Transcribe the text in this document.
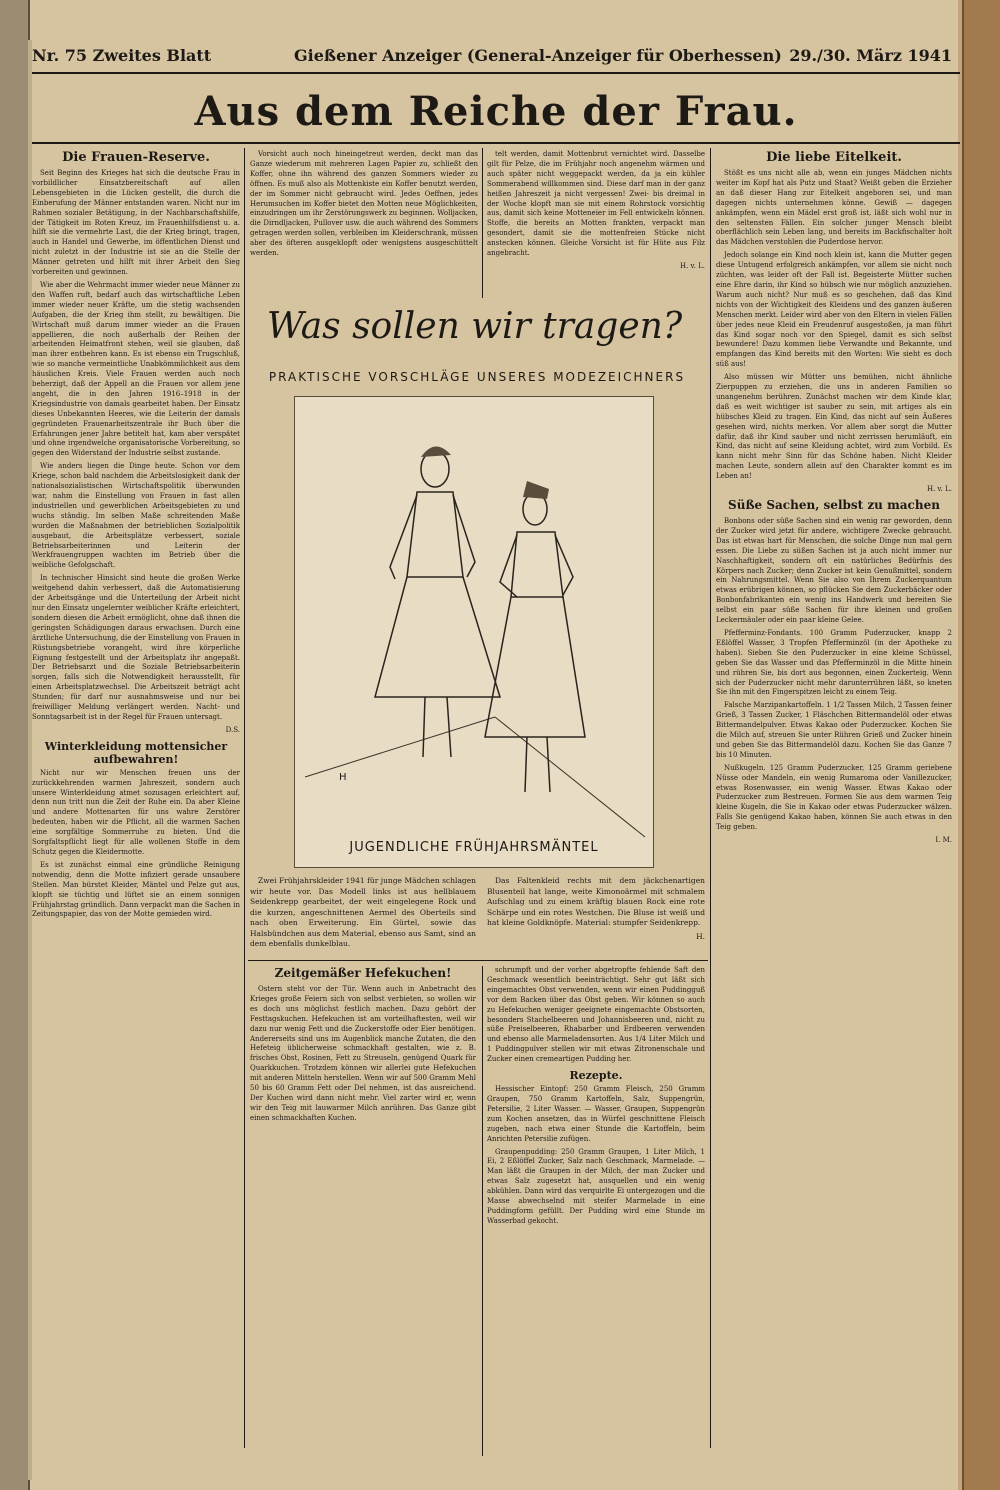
Nr. 75 Zweites Blatt	Gießener Anzeiger (General-Anzeiger für Oberhessen) 29./30. März 1941
Aus dem Reiche der Frau.
Die Frauen-Reserve.

Seit Beginn des Krieges hat sich die deutsche Frau in vorbildlicher Einsatzbereitschaft auf allen Lebensgebieten in die Lücken gestellt, die durch die Einberufung der Männer entstanden waren. Nicht nur im Rahmen sozialer Betätigung, in der Nachbarschaftshilfe, der Tätigkeit im Roten Kreuz, im Frauenhilfsdienst u. a. hilft sie die vermehrte Last, die der Krieg bringt, tragen, auch in Handel und Gewerbe, im öffentlichen Dienst und nicht zuletzt in der Industrie ist sie an die Stelle der Männer getreten und hilft mit ihrer Arbeit den Sieg vorbereiten und gewinnen.

Wie aber die Wehrmacht immer wieder neue Männer zu den Waffen ruft, bedarf auch das wirtschaftliche Leben immer wieder neuer Kräfte, um die stetig wachsenden Aufgaben, die der Krieg ihm stellt, zu bewältigen. Die Wirtschaft muß darum immer wieder an die Frauen appellieren, die noch außerhalb der Reihen der arbeitenden Heimatfront stehen, weil sie glauben, daß man ihrer entbehren kann. Es ist ebenso ein Trugschluß, wie so manche vermeintliche Unabkömmlichkeit aus dem häuslichen Kreis. Viele Frauen werden auch noch beherzigt, daß der Appell an die Frauen vor allem jene angeht, die in den Jahren 1916–1918 in der Kriegsindustrie von damals gearbeitet haben. Der Einsatz dieses Unbekannten Heeres, wie die Leiterin der damals gegründeten Frauenarbeitszentrale ihr Buch über die Erfahrungen jener Jahre betitelt hat, kam aber verspätet und ohne irgendwelche organisatorische Vorbereitung, so gegen den Widerstand der Industrie selbst zustande.

Wie anders liegen die Dinge heute. Schon vor dem Kriege, schon bald nachdem die Arbeitslosigkeit dank der nationalsozialistischen Wirtschaftspolitik überwunden war, nahm die Einstellung von Frauen in fast allen industriellen und gewerblichen Arbeitsgebieten zu und wuchs ständig. Im selben Maße schreitenden Maße wurden die Maßnahmen der betrieblichen Sozialpolitik ausgebaut, die Arbeitsplätze verbessert, soziale Betriebsarbeiterinnen und Leiterin der Werkfrauengruppen wachten im Betrieb über die weibliche Gefolgschaft.

In technischer Hinsicht sind heute die großen Werke weitgehend dahin verbessert, daß die Automatisierung der Arbeitsgänge und die Unterteilung der Arbeit nicht nur den Einsatz ungelernter weiblicher Kräfte erleichtert, sondern diesen die Arbeit ermöglicht, ohne daß ihnen die geringsten Schädigungen daraus erwachsen. Durch eine ärztliche Untersuchung, die der Einstellung von Frauen in Rüstungsbetriebe vorangeht, wird ihre körperliche Eignung festgestellt und der Arbeitsplatz ihr angepaßt. Der Betriebsarzt und die Soziale Betriebsarbeiterin sorgen, falls sich die Notwendigkeit herausstellt, für einen Arbeitsplatzwechsel. Die Arbeitszeit beträgt acht Stunden; für darf nur ausnahmsweise und nur bei freiwilliger Meldung verlängert werden. Nacht- und Sonntagsarbeit ist in der Regel für Frauen untersagt.

D.S.

Winterkleidung mottensicher aufbewahren!

Nicht nur wir Menschen freuen uns der zurückkehrenden warmen Jahreszeit, sondern auch unsere Winterkleidung atmet sozusagen erleichtert auf, denn nun tritt nun die Zeit der Ruhe ein. Da aber Kleine und andere Mottenarten für uns wahre Zerstörer bedeuten, haben wir die Pflicht, all die warmen Sachen eine sorgfältige Sommerruhe zu bieten. Und die Sorgfaltspflicht liegt für alle wollenen Stoffe in dem Schutz gegen die Kleidermotte.

Es ist zunächst einmal eine gründliche Reinigung notwendig, denn die Motte infiziert gerade unsaubere Stellen. Man bürstet Kleider, Mäntel und Pelze gut aus, klopft sie tüchtig und lüftet sie an einem sonnigen Frühjahrstag gründlich. Dann verpackt man die Sachen in Zeitungspapier, das von der Motte gemieden wird.

Vorsicht auch noch hineingetreut werden, deckt man das Ganze wiederum mit mehreren Lagen Papier zu, schließt den Koffer, ohne ihn während des ganzen Sommers wieder zu öffnen. Es muß also als Mottenkiste ein Koffer benutzt werden, der im Sommer nicht gebraucht wird. Jedes Oeffnen, jedes Herumsuchen im Koffer bietet den Motten neue Möglichkeiten, einzudringen um ihr Zerstörungswerk zu beginnen. Wolljacken, die Dirndljacken, Pullover usw. die auch während des Sommers getragen werden sollen, verbleiben im Kleiderschrank, müssen aber des öfteren ausgeklopft oder wenigstens ausgeschüttelt werden.

telt werden, damit Mottenbrut vernichtet wird. Dasselbe gilt für Pelze, die im Frühjahr noch angenehm wärmen und auch später nicht weggepackt werden, da ja ein kühler Sommerabend willkommen sind. Diese darf man in der ganz heißen Jahreszeit ja nicht vergessen! Zwei- bis dreimal in der Woche klopft man sie mit einem Rohrstock vorsichtig aus, damit sich keine Motteneier im Fell entwickeln können. Stoffe, die bereits an Motten frankten, verpackt man gesondert, damit sie die mottenfreien Stücke nicht anstecken können. Gleiche Vorsicht ist für Hüte aus Filz angebracht.

H. v. L.

Was sollen wir tragen?
PRAKTISCHE VORSCHLÄGE UNSERES MODEZEICHNERS
H
JUGENDLICHE FRÜHJAHRSMÄNTEL

Zwei Frühjahrskleider 1941 für junge Mädchen schlagen wir heute vor. Das Modell links ist aus hellblauem Seidenkrepp gearbeitet, der weit eingelegene Rock und die kurzen, angeschnittenen Aermel des Oberteils sind nach oben Erweiterung. Ein Gürtel, sowie das Halsbündchen aus dem Material, ebenso aus Samt, sind an dem ebenfalls dunkelblau.

Das Faltenkleid rechts mit dem jäckchenartigen Blusenteil hat lange, weite Kimonoärmel mit schmalem Aufschlag und zu einem kräftig blauen Rock eine rote Schärpe und ein rotes Westchen. Die Bluse ist weiß und hat kleine Goldknöpfe. Material: stumpfer Seidenkrepp.

H.

Zeitgemäßer Hefekuchen!

Ostern steht vor der Tür. Wenn auch in Anbetracht des Krieges große Feiern sich von selbst verbieten, so wollen wir es doch uns möglichst festlich machen. Dazu gehört der Festtagskuchen. Hefekuchen ist am vorteilhaftesten, weil wir dazu nur wenig Fett und die Zuckerstoffe oder Eier benötigen. Andererseits sind uns im Augenblick manche Zutaten, die den Hefeteig üblicherweise schmackhaft gestalten, wie z. B. frisches Obst, Rosinen, Fett zu Streuseln, genügend Quark für Quarkkuchen. Trotzdem können wir allerlei gute Hefekuchen mit anderen Mitteln herstellen. Wenn wir auf 500 Gramm Mehl 50 bis 60 Gramm Fett oder Del nehmen, ist das ausreichend. Der Kuchen wird dann nicht mehr. Viel zarter wird er, wenn wir den Teig mit lauwarmer Milch anrühren. Das Ganze gibt einen schmackhaften Kuchen.

schrumpft und der vorher abgetropfte fehlende Saft den Geschmack wesentlich beeinträchtigt. Sehr gut läßt sich eingemachtes Obst verwenden, wenn wir einen Puddingguß vor dem Backen über das Obst geben. Wir können so auch zu Hefekuchen weniger geeignete eingemachte Obstsorten, besonders Stachelbeeren und Johannisbeeren und, nicht zu süße Preiselbeeren, Rhabarber und Erdbeeren verwenden und ebenso alle Marmeladensorten. Aus 1/4 Liter Milch und 1 Puddingpulver stellen wir mit etwas Zitronenschale und Zucker einen cremeartigen Pudding her.

Rezepte.

Hessischer Eintopf: 250 Gramm Fleisch, 250 Gramm Graupen, 750 Gramm Kartoffeln, Salz, Suppengrün, Petersilie, 2 Liter Wasser. — Wasser, Graupen, Suppengrün zum Kochen ansetzen, das in Würfel geschnittene Fleisch zugeben, nach etwa einer Stunde die Kartoffeln, beim Anrichten Petersilie zufügen.

Graupenpudding: 250 Gramm Graupen, 1 Liter Milch, 1 Ei, 2 Eßlöffel Zucker, Salz nach Geschmack, Marmelade. — Man läßt die Graupen in der Milch, der man Zucker und etwas Salz zugesetzt hat, ausquellen und ein wenig abkühlen. Dann wird das verquirlte Ei untergezogen und die Masse abwechselnd mit steifer Marmelade in eine Puddingform gefüllt. Der Pudding wird eine Stunde im Wasserbad gekocht.

Die liebe Eitelkeit.

Stößt es uns nicht alle ab, wenn ein junges Mädchen nichts weiter im Kopf hat als Putz und Staat? Weißt geben die Erzieher an daß dieser Hang zur Eitelkeit angeboren sei, und man dagegen nichts unternehmen könne. Gewiß — dagegen ankämpfen, wenn ein Mädel erst groß ist, läßt sich wohl nur in den seltensten Fällen. Ein solcher junger Mensch bleibt oberflächlich sein Leben lang, und bereits im Backfischalter holt das Mädchen verstohlen die Puderdose hervor.

Jedoch solange ein Kind noch klein ist, kann die Mutter gegen diese Untugend erfolgreich ankämpfen, vor allem sie nicht noch züchten, was leider oft der Fall ist. Begeisterte Mütter suchen eine Ehre darin, ihr Kind so hübsch wie nur möglich anzuziehen. Warum auch nicht? Nur muß es so geschehen, daß das Kind nichts von der Wichtigkeit des Kleidens und des ganzen äußeren Menschen merkt. Leider wird aber von den Eltern in vielen Fällen über jedes neue Kleid ein Freudenruf ausgestoßen, ja man führt das Kind sogar noch vor den Spiegel, damit es sich selbst bewundere! Dazu kommen liebe Verwandte und Bekannte, und empfangen das Kind bereits mit den Worten: Wie sieht es doch süß aus!

Also müssen wir Mütter uns bemühen, nicht ähnliche Zierpuppen zu erziehen, die uns in anderen Familien so unangenehm berühren. Zunächst machen wir dem Kinde klar, daß es weit wichtiger ist sauber zu sein, mit artiges als ein hübsches Kleid zu tragen. Ein Kind, das nicht auf sein Äußeres gesehen wird, nichts merken. Vor allem aber sorgt die Mutter dafür, daß ihr Kind sauber und nicht zerrissen herumläuft, ein Kind, das nicht auf seine Kleidung achtet, wird zum Vorbild. Es kann nicht mehr Sinn für das Schöne haben. Nicht Kleider machen Leute, sondern allein auf den Charakter kommt es im Leben an!

H. v. L.

Süße Sachen, selbst zu machen

Bonbons oder süße Sachen sind ein wenig rar geworden, denn der Zucker wird jetzt für andere, wichtigere Zwecke gebraucht. Das ist etwas hart für Menschen, die solche Dinge nun mal gern essen. Die Liebe zu süßen Sachen ist ja auch nicht immer nur Naschhaftigkeit, sondern oft ein natürliches Bedürfnis des Körpers nach Zucker; denn Zucker ist kein Genußmittel, sondern ein Nahrungsmittel. Wenn Sie also von Ihrem Zuckerquantum etwas erübrigen können, so pflücken Sie dem Zuckerbäcker oder Bonbonfabrikanten ein wenig ins Handwerk und bereiten Sie selbst ein paar süße Sachen für ihre kleinen und großen Leckermäuler oder ein paar kleine Gelee.

Pfefferminz-Fondants. 100 Gramm Puderzucker, knapp 2 Eßlöffel Wasser, 3 Tropfen Pfefferminzöl (in der Apotheke zu haben). Sieben Sie den Puderzucker in eine kleine Schüssel, geben Sie das Wasser und das Pfefferminzöl in die Mitte hinein und rühren Sie, bis dort aus begonnen, einen Zuckerteig. Wenn sich der Puderzucker nicht mehr darunterrühren läßt, so kneten Sie ihn mit den Fingerspitzen leicht zu einem Teig.

Falsche Marzipankartoffeln. 1 1/2 Tassen Milch, 2 Tassen feiner Grieß, 3 Tassen Zucker, 1 Fläschchen Bittermandelöl oder etwas Bittermandelpulver. Etwas Kakao oder Puderzucker. Kochen Sie die Milch auf, streuen Sie unter Rühren Grieß und Zucker hinein und geben Sie das Bittermandelöl dazu. Kochen Sie das Ganze 7 bis 10 Minuten.

Nußkugeln. 125 Gramm Puderzucker, 125 Gramm geriebene Nüsse oder Mandeln, ein wenig Rumaroma oder Vanillezucker, etwas Rosenwasser, ein wenig Wasser. Etwas Kakao oder Puderzucker zum Bestreuen. Formen Sie aus dem warmen Teig kleine Kugeln, die Sie in Kakao oder etwas Puderzucker wälzen. Falls Sie genügend Kakao haben, können Sie auch etwas in den Teig geben.

I. M.
